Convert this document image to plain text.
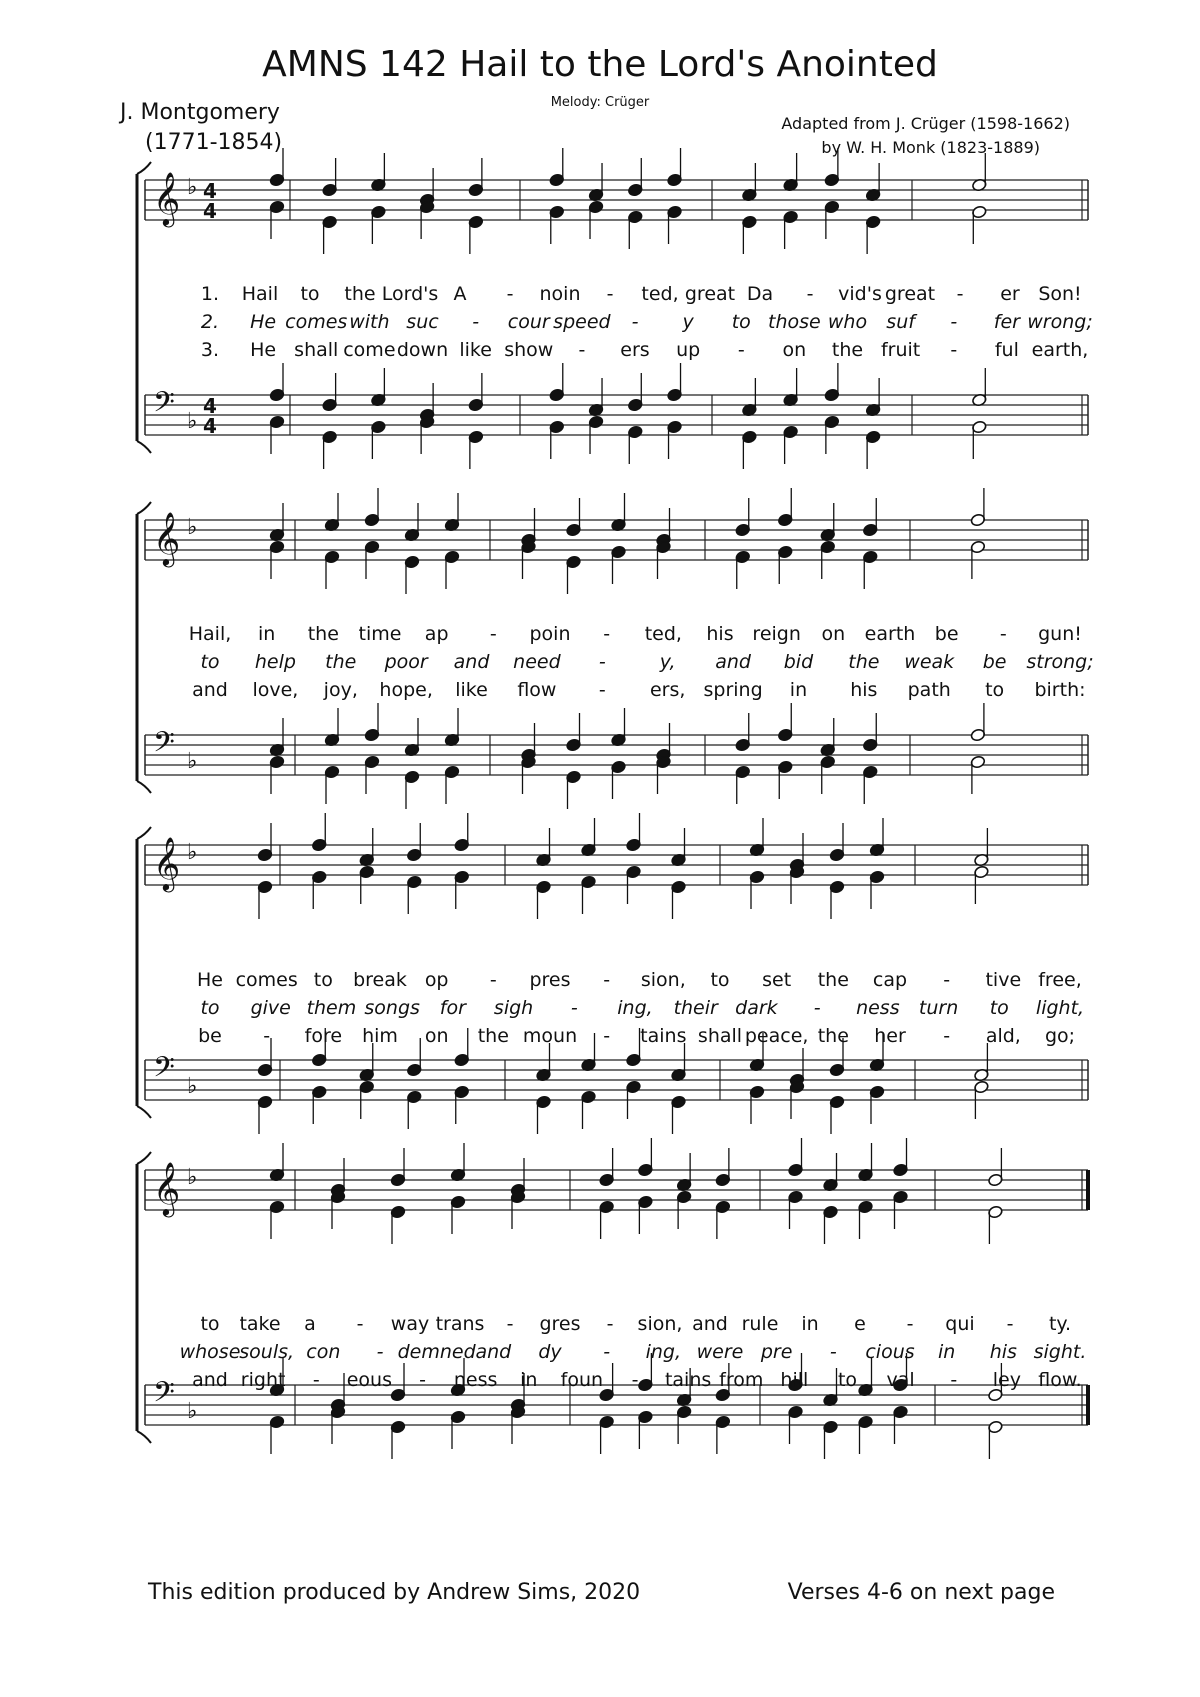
AMNS 142 Hail to the Lord's Anointed
Melody: Crüger
J. Montgomery
(1771-1854)
Adapted from J. Crüger (1598-1662)
by W. H. Monk (1823-1889)
𝄞 ♭ 4
4
𝄢 ♭
4
4
1. Hail to the Lord's A - noin - ted, great Da - vid's great - er Son!
2. He comes with suc - cour speed - y to those who suf - fer wrong;
3. He shall come down like show - ers up - on the fruit - ful earth,
𝄞 ♭
𝄢 ♭
Hail, in the time ap - poin - ted, his reign on earth be - gun!
to help the poor and need -	y, and bid the weak be strong;
and love, joy, hope, like flow - ers, spring in his path to birth:
𝄞 ♭
𝄢 ♭
He comes to break op - pres - sion, to set the cap - tive free,
to give them songs for sigh - ing, their dark - ness turn to light,
be - fore him on the moun - tains shall peace, the her - ald, go;
𝄞 ♭
𝄢 ♭
to take a - way trans - gres - sion, and rule in e - qui - ty.
whose
souls, con - demned and dy - ing, were pre - cious in his sight.
and right - eous - ness in foun - tains from hill to val - ley flow.
This edition produced by Andrew Sims, 2020	Verses 4-6 on next page
